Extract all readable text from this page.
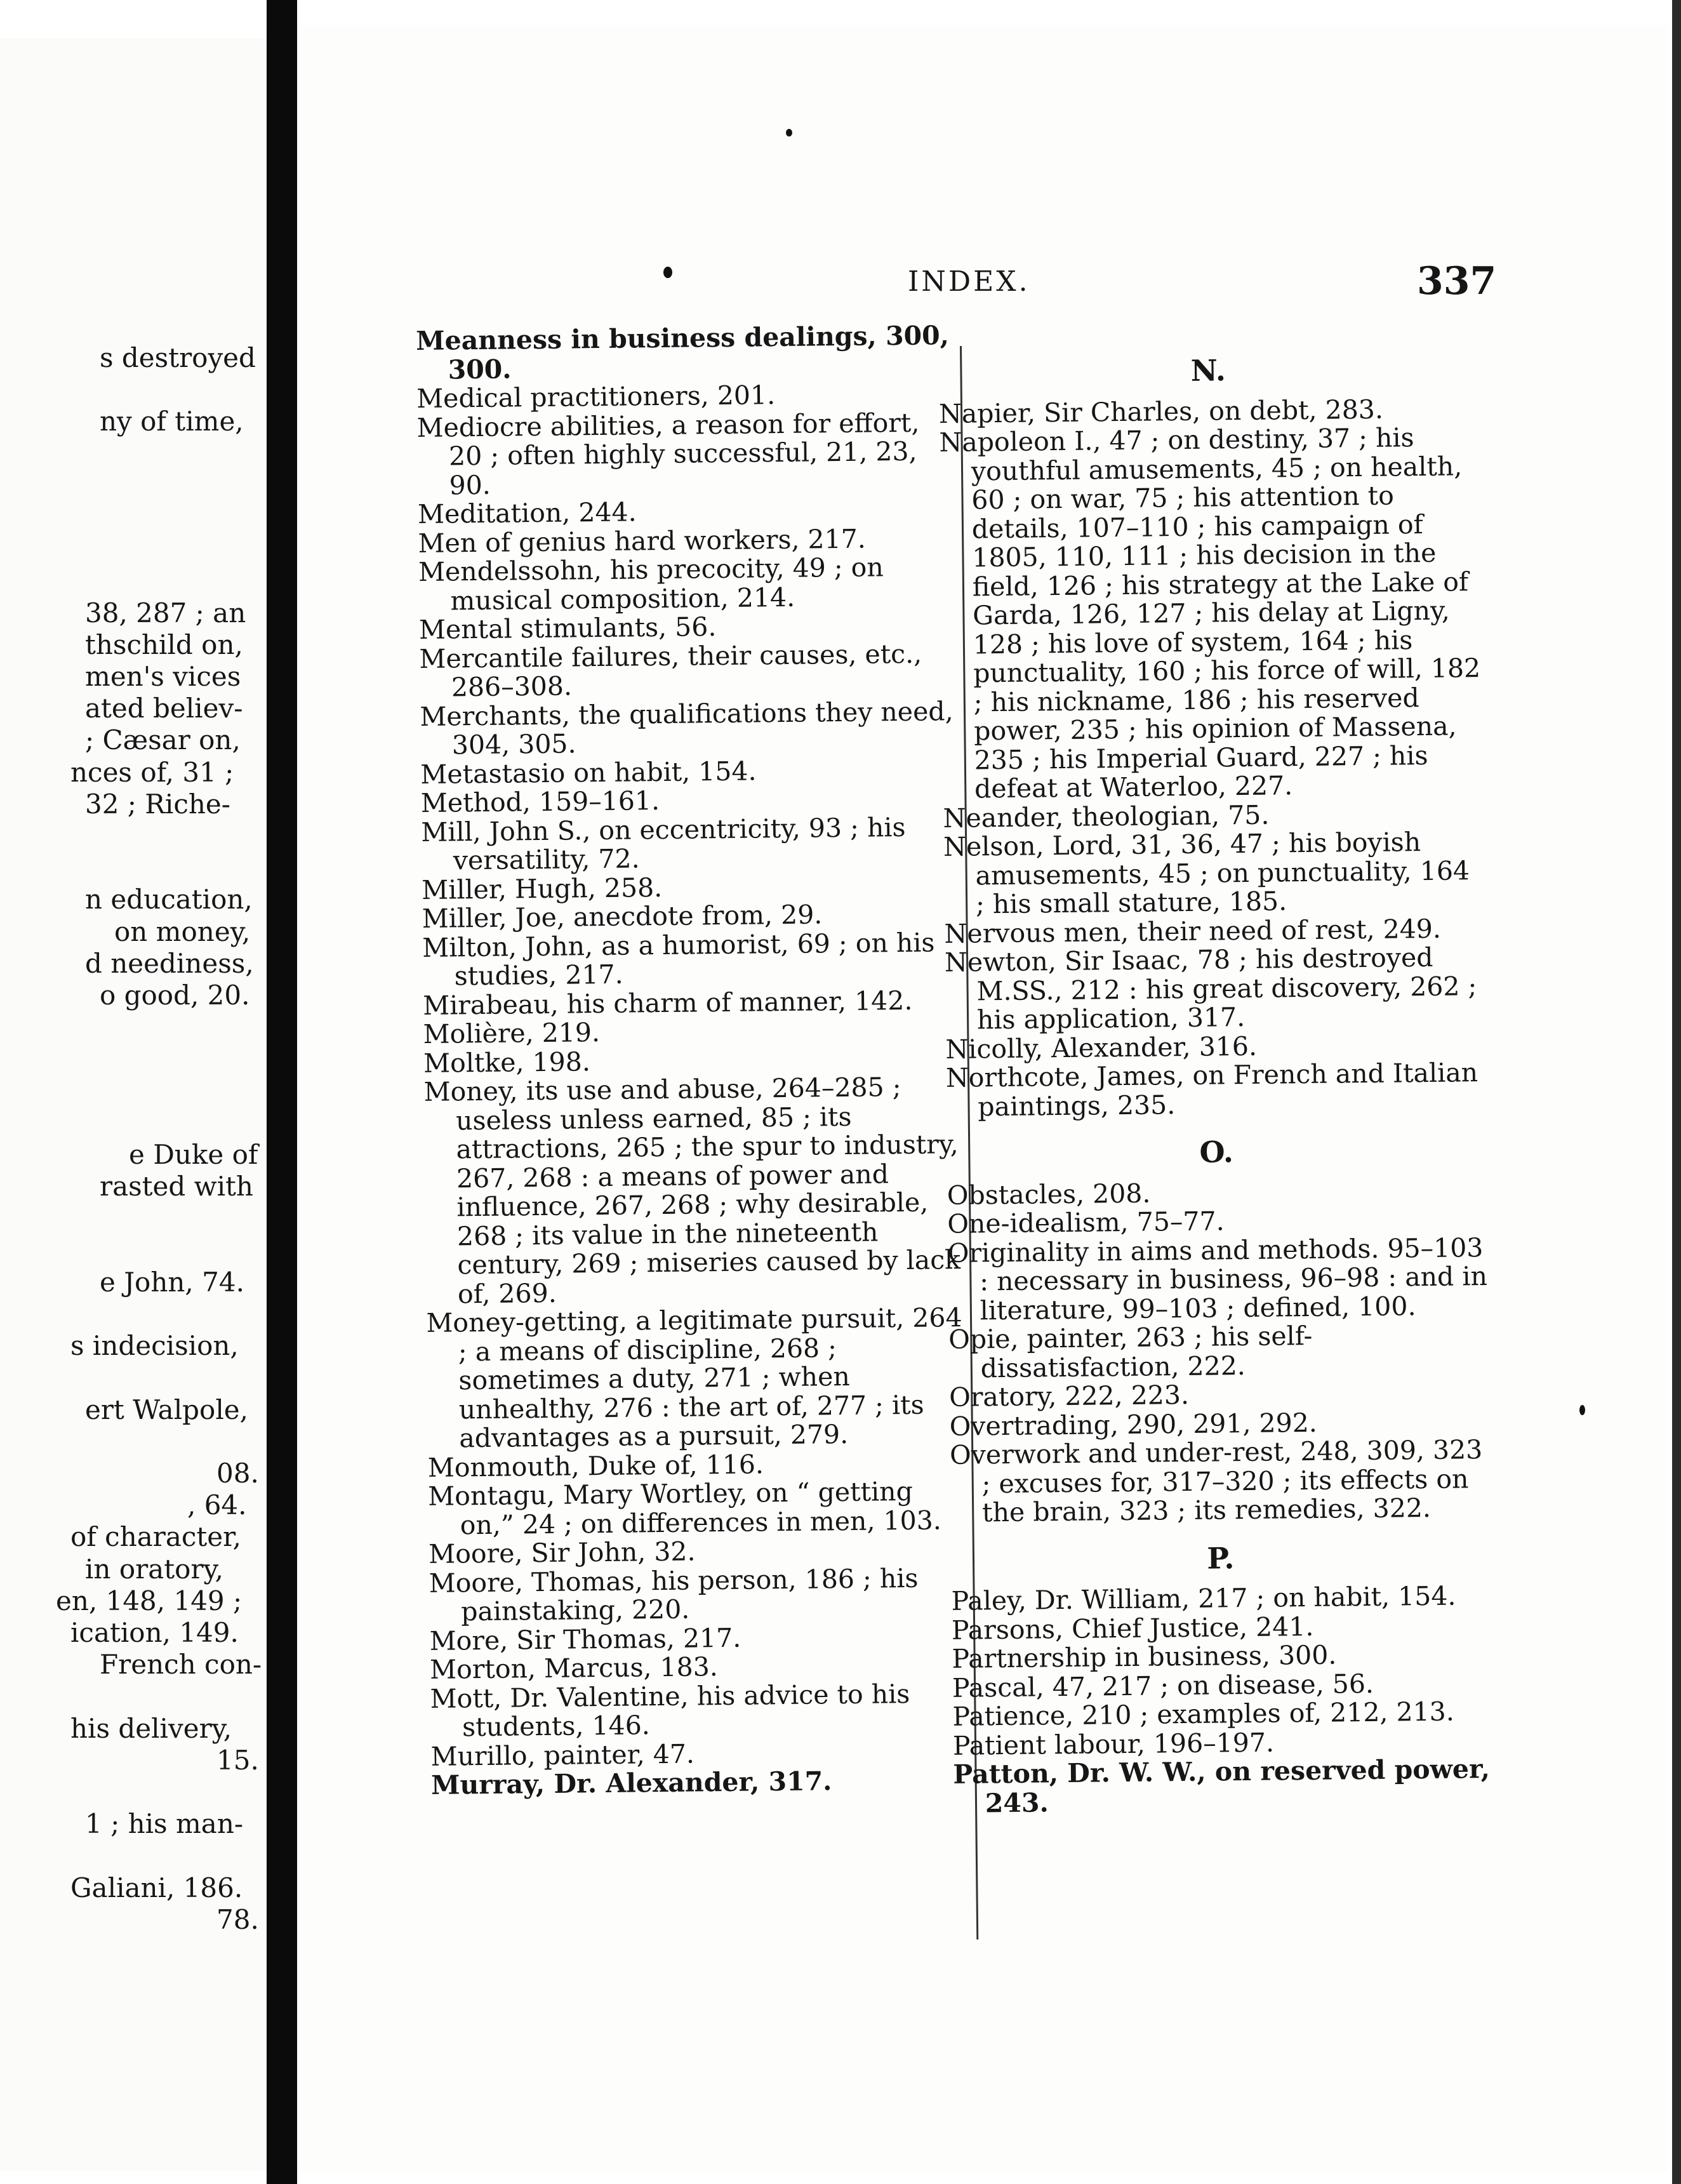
s destroyed
ny of time,
38, 287 ; an
thschild on,
men's vices
ated believ-
; Cæsar on,
nces of, 31 ;
32 ; Riche-
n education,
on money,
d neediness,
o good, 20.
e Duke of
rasted with
e John, 74.
s indecision,
ert Walpole,
08.
, 64.
of character,
in oratory,
en, 148, 149 ;
ication, 149.
French con-
his delivery,
15.
1 ; his man-
Galiani, 186.
78.
INDEX.	337
Meanness in business dealings, 300, 300.
Medical practitioners, 201.
Mediocre abilities, a reason for effort, 20 ; often highly successful, 21, 23, 90.
Meditation, 244.
Men of genius hard workers, 217.
Mendelssohn, his precocity, 49 ; on musical composition, 214.
Mental stimulants, 56.
Mercantile failures, their causes, etc., 286–308.
Merchants, the qualifications they need, 304, 305.
Metastasio on habit, 154.
Method, 159–161.
Mill, John S., on eccentricity, 93 ; his versatility, 72.
Miller, Hugh, 258.
Miller, Joe, anecdote from, 29.
Milton, John, as a humorist, 69 ; on his studies, 217.
Mirabeau, his charm of manner, 142.
Molière, 219.
Moltke, 198.
Money, its use and abuse, 264–285 ; useless unless earned, 85 ; its attractions, 265 ; the spur to industry, 267, 268 : a means of power and influence, 267, 268 ; why desirable, 268 ; its value in the nineteenth century, 269 ; miseries caused by lack of, 269.
Money-getting, a legitimate pursuit, 264 ; a means of discipline, 268 ; sometimes a duty, 271 ; when unhealthy, 276 : the art of, 277 ; its advantages as a pursuit, 279.
Monmouth, Duke of, 116.
Montagu, Mary Wortley, on “ getting on,” 24 ; on differences in men, 103.
Moore, Sir John, 32.
Moore, Thomas, his person, 186 ; his painstaking, 220.
More, Sir Thomas, 217.
Morton, Marcus, 183.
Mott, Dr. Valentine, his advice to his students, 146.
Murillo, painter, 47.
Murray, Dr. Alexander, 317.
N.
Napier, Sir Charles, on debt, 283.
Napoleon I., 47 ; on destiny, 37 ; his youthful amusements, 45 ; on health, 60 ; on war, 75 ; his attention to details, 107–110 ; his campaign of 1805, 110, 111 ; his decision in the field, 126 ; his strategy at the Lake of Garda, 126, 127 ; his delay at Ligny, 128 ; his love of system, 164 ; his punctuality, 160 ; his force of will, 182 ; his nickname, 186 ; his reserved power, 235 ; his opinion of Massena, 235 ; his Imperial Guard, 227 ; his defeat at Waterloo, 227.
Neander, theologian, 75.
Nelson, Lord, 31, 36, 47 ; his boyish amusements, 45 ; on punctuality, 164 ; his small stature, 185.
Nervous men, their need of rest, 249.
Newton, Sir Isaac, 78 ; his destroyed M.SS., 212 : his great discovery, 262 ; his application, 317.
Nicolly, Alexander, 316.
Northcote, James, on French and Italian paintings, 235.
O.
Obstacles, 208.
One-idealism, 75–77.
Originality in aims and methods. 95–103 : necessary in business, 96–98 : and in literature, 99–103 ; defined, 100.
Opie, painter, 263 ; his self-dissatisfaction, 222.
Oratory, 222, 223.
Overtrading, 290, 291, 292.
Overwork and under-rest, 248, 309, 323 ; excuses for, 317–320 ; its effects on the brain, 323 ; its remedies, 322.
P.
Paley, Dr. William, 217 ; on habit, 154.
Parsons, Chief Justice, 241.
Partnership in business, 300.
Pascal, 47, 217 ; on disease, 56.
Patience, 210 ; examples of, 212, 213.
Patient labour, 196–197.
Patton, Dr. W. W., on reserved power, 243.
